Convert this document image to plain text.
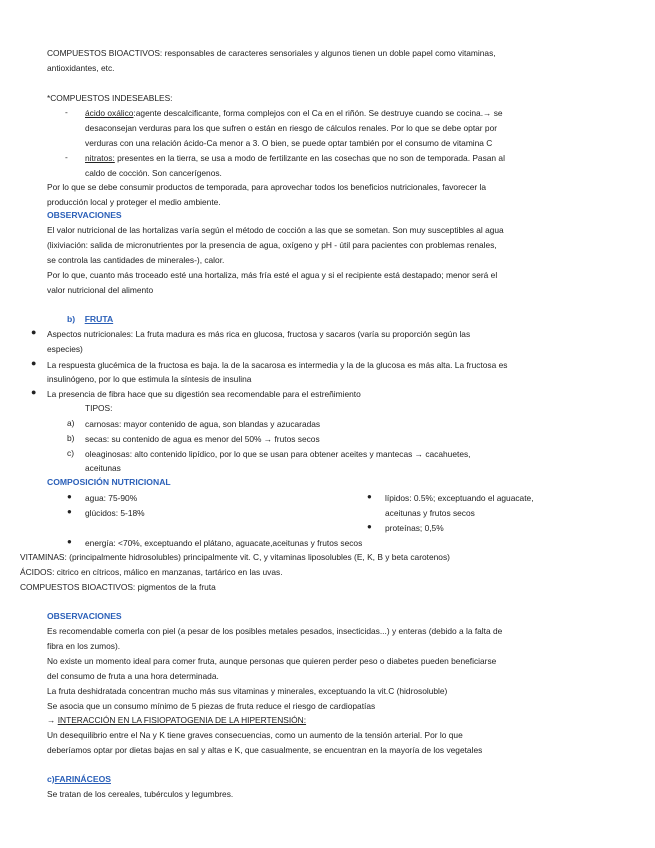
COMPUESTOS BIOACTIVOS: responsables de caracteres sensoriales y algunos tienen un doble papel como vitaminas,
antioxidantes, etc.
*COMPUESTOS INDESEABLES:
- ácido oxálico:agente descalcificante, forma complejos con el Ca en el riñón. Se destruye cuando se cocina.→ se
desaconsejan verduras para los que sufren o están en riesgo de cálculos renales. Por lo que se debe optar por
verduras con una relación ácido-Ca menor a 3. O bien, se puede optar también por el consumo de vitamina C
- nitratos: presentes en la tierra, se usa a modo de fertilizante en las cosechas que no son de temporada. Pasan al
caldo de cocción. Son cancerígenos.
Por lo que se debe consumir productos de temporada, para aprovechar todos los beneficios nutricionales, favorecer la
producción local y proteger el medio ambiente.
OBSERVACIONES
El valor nutricional de las hortalizas varía según el método de cocción a las que se sometan. Son muy susceptibles al agua
(lixiviación: salida de micronutrientes por la presencia de agua, oxígeno y pH - útil para pacientes con problemas renales,
se controla las cantidades de minerales-), calor.
Por lo que, cuanto más troceado esté una hortaliza, más fría esté el agua y si el recipiente está destapado; menor será el
valor nutricional del alimento
b) FRUTA
● Aspectos nutricionales: La fruta madura es más rica en glucosa, fructosa y sacaros (varía su proporción según las
especies)
● La respuesta glucémica de la fructosa es baja. la de la sacarosa es intermedia y la de la glucosa es más alta. La fructosa es
insulinógeno, por lo que estimula la síntesis de insulina
● La presencia de fibra hace que su digestión sea recomendable para el estreñimiento
TIPOS:
a) carnosas: mayor contenido de agua, son blandas y azucaradas
b) secas: su contenido de agua es menor del 50% → frutos secos
c) oleaginosas: alto contenido lipídico, por lo que se usan para obtener aceites y mantecas → cacahuetes,
aceitunas
COMPOSICIÓN NUTRICIONAL
● agua: 75-90%
● glúcidos: 5-18%
● lípidos: 0.5%; exceptuando el aguacate,
aceitunas y frutos secos
● proteínas; 0,5%
● energía: <70%, exceptuando el plátano, aguacate,aceitunas y frutos secos
VITAMINAS: (principalmente hidrosolubles) principalmente vit. C, y vitaminas liposolubles (E, K, B y beta carotenos)
ÁCIDOS: citrico en cítricos, málico en manzanas, tartárico en las uvas.
COMPUESTOS BIOACTIVOS: pigmentos de la fruta
OBSERVACIONES
Es recomendable comerla con piel (a pesar de los posibles metales pesados, insecticidas...) y enteras (debido a la falta de
fibra en los zumos).
No existe un momento ideal para comer fruta, aunque personas que quieren perder peso o diabetes pueden beneficiarse
del consumo de fruta a una hora determinada.
La fruta deshidratada concentran mucho más sus vitaminas y minerales, exceptuando la vit.C (hidrosoluble)
Se asocia que un consumo mínimo de 5 piezas de fruta reduce el riesgo de cardiopatías
→ INTERACCIÓN EN LA FISIOPATOGENIA DE LA HIPERTENSIÓN:
Un desequilibrio entre el Na y K tiene graves consecuencias, como un aumento de la tensión arterial. Por lo que
deberíamos optar por dietas bajas en sal y altas e K, que casualmente, se encuentran en la mayoría de los vegetales
c)FARINÁCEOS
Se tratan de los cereales, tubérculos y legumbres.
